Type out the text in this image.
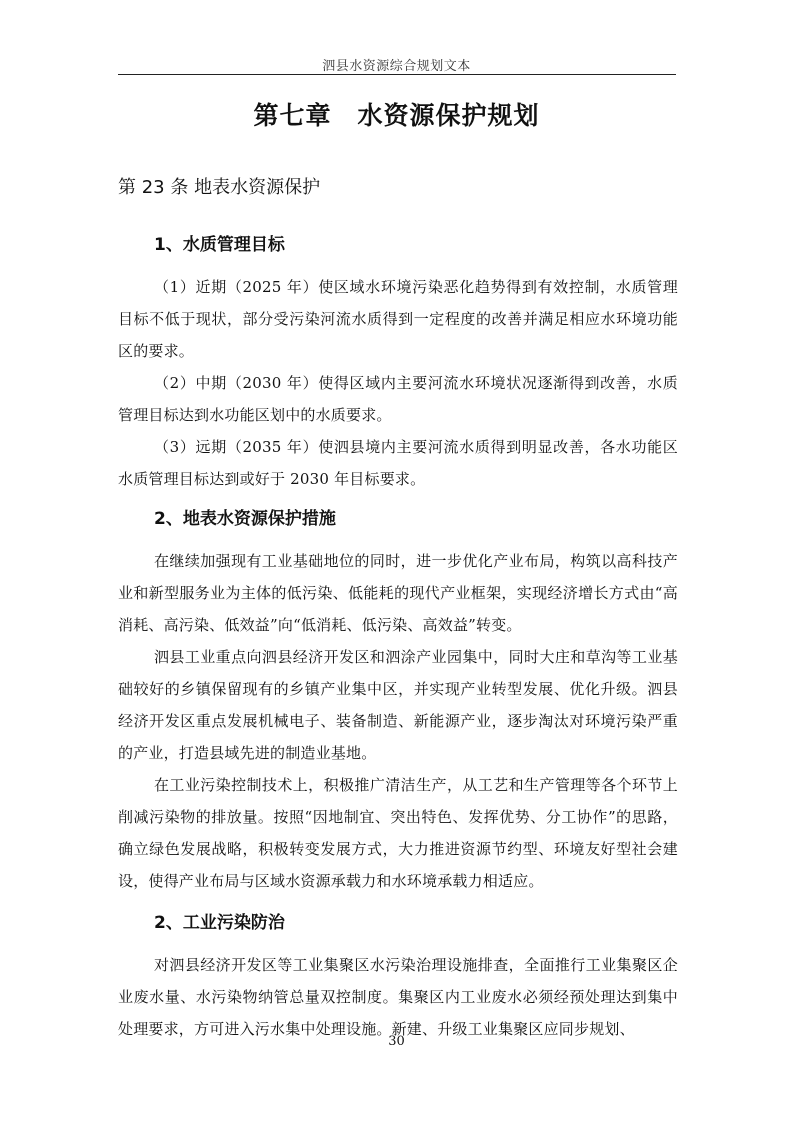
泗县水资源综合规划文本
第七章　水资源保护规划
第 23 条 地表水资源保护
1、水质管理目标

（1）近期（2025 年）使区域水环境污染恶化趋势得到有效控制，水质管理目标不低于现状，部分受污染河流水质得到一定程度的改善并满足相应水环境功能区的要求。

（2）中期（2030 年）使得区域内主要河流水环境状况逐渐得到改善，水质管理目标达到水功能区划中的水质要求。

（3）远期（2035 年）使泗县境内主要河流水质得到明显改善，各水功能区水质管理目标达到或好于 2030 年目标要求。

2、地表水资源保护措施

在继续加强现有工业基础地位的同时，进一步优化产业布局，构筑以高科技产业和新型服务业为主体的低污染、低能耗的现代产业框架，实现经济增长方式由“高消耗、高污染、低效益”向“低消耗、低污染、高效益”转变。

泗县工业重点向泗县经济开发区和泗涂产业园集中，同时大庄和草沟等工业基础较好的乡镇保留现有的乡镇产业集中区，并实现产业转型发展、优化升级。泗县经济开发区重点发展机械电子、装备制造、新能源产业，逐步淘汰对环境污染严重的产业，打造县域先进的制造业基地。

在工业污染控制技术上，积极推广清洁生产，从工艺和生产管理等各个环节上削减污染物的排放量。按照“因地制宜、突出特色、发挥优势、分工协作”的思路，确立绿色发展战略，积极转变发展方式，大力推进资源节约型、环境友好型社会建设，使得产业布局与区域水资源承载力和水环境承载力相适应。

2、工业污染防治

对泗县经济开发区等工业集聚区水污染治理设施排查，全面推行工业集聚区企业废水量、水污染物纳管总量双控制度。集聚区内工业废水必须经预处理达到集中处理要求，方可进入污水集中处理设施。新建、升级工业集聚区应同步规划、

30
